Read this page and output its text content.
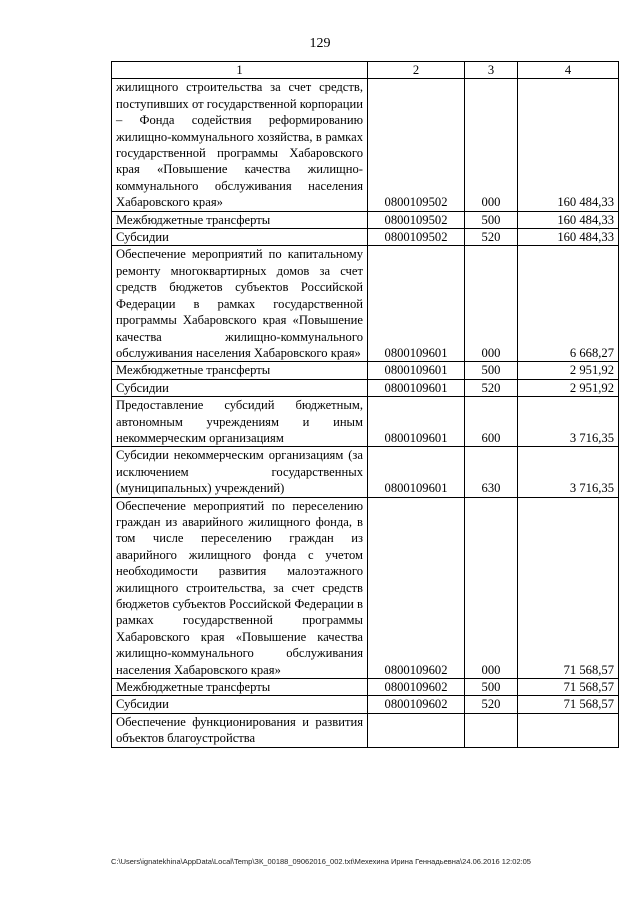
129
1	2	3	4
жилищного строительства за счет средств, поступивших от государственной корпорации – Фонда содействия реформированию жилищно-коммунального хозяйства, в рамках государственной программы Хабаровского края «Повышение качества жилищно-коммунального обслуживания населения Хабаровского края»	0800109502	000	160 484,33
Межбюджетные трансферты	0800109502	500	160 484,33
Субсидии	0800109502	520	160 484,33
Обеспечение мероприятий по капитальному ремонту многоквартирных домов за счет средств бюджетов субъектов Российской Федерации в рамках государственной программы Хабаровского края «Повышение качества жилищно-коммунального обслуживания населения Хабаровского края»	0800109601	000	6 668,27
Межбюджетные трансферты	0800109601	500	2 951,92
Субсидии	0800109601	520	2 951,92
Предоставление субсидий бюджетным, автономным учреждениям и иным некоммерческим организациям	0800109601	600	3 716,35
Субсидии некоммерческим организациям (за исключением государственных (муниципальных) учреждений)	0800109601	630	3 716,35
Обеспечение мероприятий по переселению граждан из аварийного жилищного фонда, в том числе переселению граждан из аварийного жилищного фонда с учетом необходимости развития малоэтажного жилищного строительства, за счет средств бюджетов субъектов Российской Федерации в рамках государственной программы Хабаровского края «Повышение качества жилищно-коммунального обслуживания населения Хабаровского края»	0800109602	000	71 568,57
Межбюджетные трансферты	0800109602	500	71 568,57
Субсидии	0800109602	520	71 568,57
Обеспечение функционирования и развития объектов благоустройства			
C:\Users\ignatekhina\AppData\Local\Temp\ЗК_00188_09062016_002.txt\Мехехина Ирина Геннадьевна\24.06.2016 12:02:05
